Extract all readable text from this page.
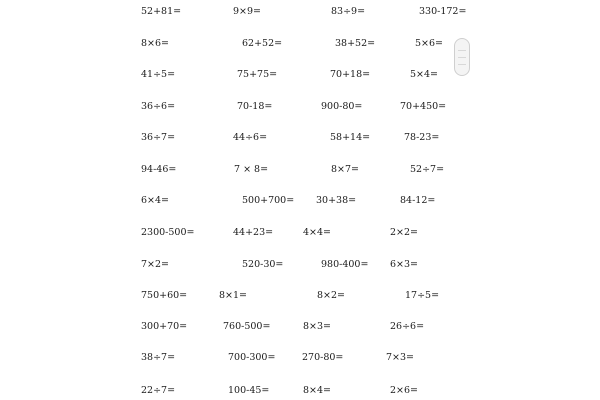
52+81=	9×9=	83÷9=	330-172=
8×6=	62+52=	38+52=	5×6=
41÷5=	75+75=	70+18=	5×4=
36÷6=	70-18=	900-80=	70+450=
36÷7=	44÷6=	58+14=	78-23=
94-46=	7 × 8=	8×7=	52÷7=
6×4=	500+700= 30+38=	84-12=
2300-500=	44+23=	4×4=	2×2=
7×2=	520-30=	980-400= 6×3=
750+60=	8×1=	8×2=	17÷5=
300+70=	760-500=	8×3=	26÷6=
38÷7=	700-300=	270-80=	7×3=
22÷7=	100-45=	8×4=	2×6=
